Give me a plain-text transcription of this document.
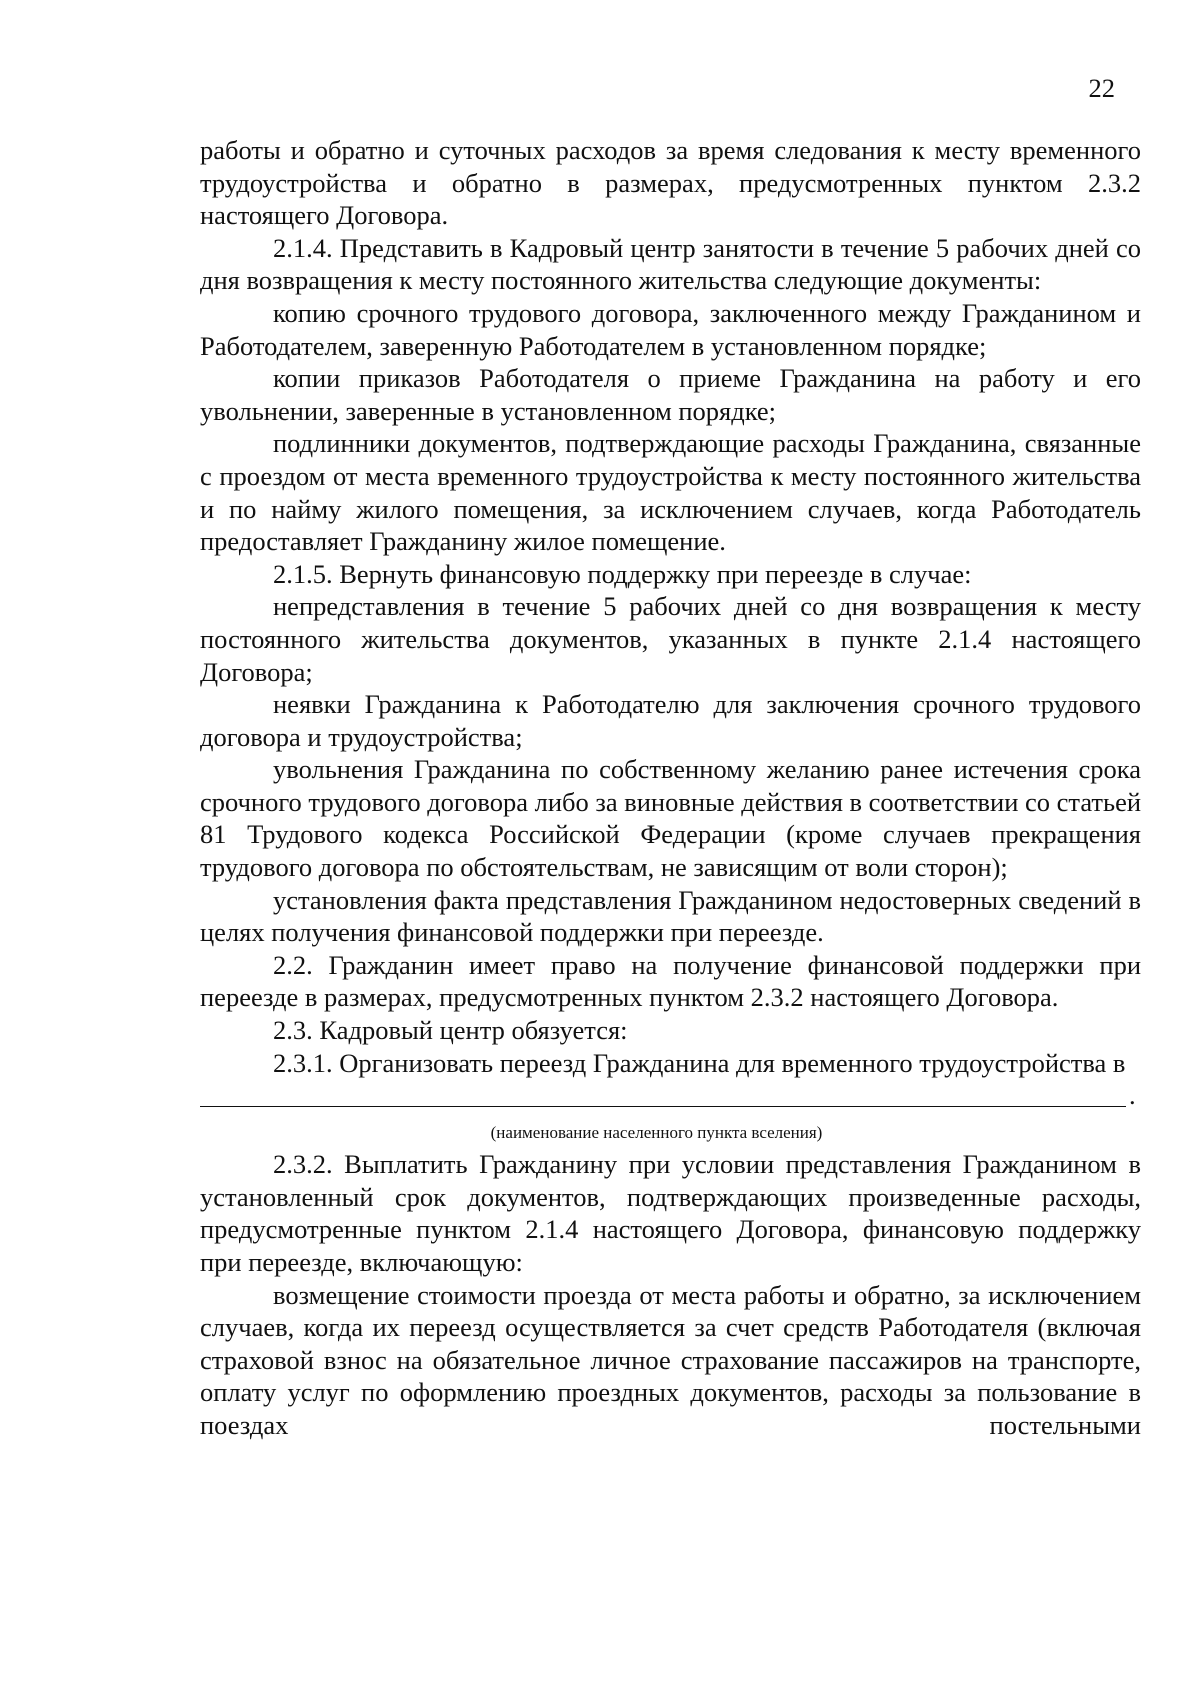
22

работы и обратно и суточных расходов за время следования к месту временного трудоустройства и обратно в размерах, предусмотренных пунктом 2.3.2 настоящего Договора.

2.1.4. Представить в Кадровый центр занятости в течение 5 рабочих дней со дня возвращения к месту постоянного жительства следующие документы:

копию срочного трудового договора, заключенного между Гражданином и Работодателем, заверенную Работодателем в установленном порядке;

копии приказов Работодателя о приеме Гражданина на работу и его увольнении, заверенные в установленном порядке;

подлинники документов, подтверждающие расходы Гражданина, связанные с проездом от места временного трудоустройства к месту постоянного жительства и по найму жилого помещения, за исключением случаев, когда Работодатель предоставляет Гражданину жилое помещение.

2.1.5. Вернуть финансовую поддержку при переезде в случае:

непредставления в течение 5 рабочих дней со дня возвращения к месту постоянного жительства документов, указанных в пункте 2.1.4 настоящего Договора;

неявки Гражданина к Работодателю для заключения срочного трудового договора и трудоустройства;

увольнения Гражданина по собственному желанию ранее истечения срока срочного трудового договора либо за виновные действия в соответствии со статьей 81 Трудового кодекса Российской Федерации (кроме случаев прекращения трудового договора по обстоятельствам, не зависящим от воли сторон);

установления факта представления Гражданином недостоверных сведений в целях получения финансовой поддержки при переезде.

2.2. Гражданин имеет право на получение финансовой поддержки при переезде в размерах, предусмотренных пунктом 2.3.2 настоящего Договора.

2.3. Кадровый центр обязуется:

2.3.1. Организовать переезд Гражданина для временного трудоустройства в

.
(наименование населенного пункта вселения)

2.3.2. Выплатить Гражданину при условии представления Гражданином в установленный срок документов, подтверждающих произведенные расходы, предусмотренные пунктом 2.1.4 настоящего Договора, финансовую поддержку при переезде, включающую:

возмещение стоимости проезда от места работы и обратно, за исключением случаев, когда их переезд осуществляется за счет средств Работодателя (включая страховой взнос на обязательное личное страхование пассажиров на транспорте, оплату услуг по оформлению проездных документов, расходы за пользование в поездах постельными
